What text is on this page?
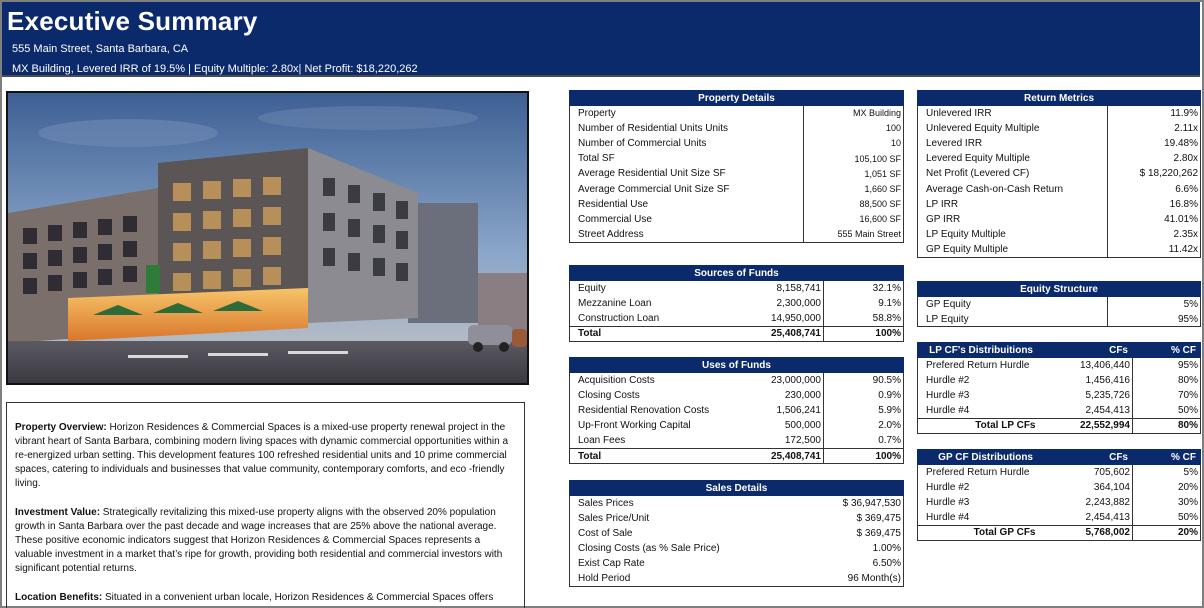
Executive Summary
555 Main Street, Santa Barbara, CA
MX Building, Levered IRR of 19.5% | Equity Multiple: 2.80x| Net Profit: $18,220,262

Property Overview: Horizon Residences & Commercial Spaces is a mixed-use property renewal project in the vibrant heart of Santa Barbara, combining modern living spaces with dynamic commercial opportunities within a re-energized urban setting. This development features 100 refreshed residential units and 10 prime commercial spaces, catering to individuals and businesses that value community, contemporary comforts, and eco -friendly living.

Investment Value: Strategically revitalizing this mixed-use property aligns with the observed 20% population growth in Santa Barbara over the past decade and wage increases that are 25% above the national average. These positive economic indicators suggest that Horizon Residences & Commercial Spaces represents a valuable investment in a market that’s ripe for growth, providing both residential and commercial investors with significant potential returns.

Location Benefits: Situated in a convenient urban locale, Horizon Residences & Commercial Spaces offers

Property Details	
Property	MX Building
Number of Residential Units Units	100
Number of Commercial Units	10
Total SF	105,100 SF
Average Residential Unit Size SF	1,051 SF
Average Commercial Unit Size SF	1,660 SF
Residential Use	88,500 SF
Commercial Use	16,600 SF
Street Address	555 Main Street
Sources of Funds		
Equity	8,158,741	32.1%
Mezzanine Loan	2,300,000	9.1%
Construction Loan	14,950,000	58.8%
Total	25,408,741	100%
Uses of Funds		
Acquisition Costs	23,000,000	90.5%
Closing Costs	230,000	0.9%
Residential Renovation Costs	1,506,241	5.9%
Up-Front Working Capital	500,000	2.0%
Loan Fees	172,500	0.7%
Total	25,408,741	100%
Sales Details	
Sales Prices	$ 36,947,530
Sales Price/Unit	$ 369,475
Cost of Sale	$ 369,475
Closing Costs (as % Sale Price)	1.00%
Exist Cap Rate	6.50%
Hold Period	96 Month(s)
Return Metrics	
Unlevered IRR	11.9%
Unlevered Equity Multiple	2.11x
Levered IRR	19.48%
Levered Equity Multiple	2.80x
Net Profit (Levered CF)	$ 18,220,262
Average Cash-on-Cash Return	6.6%
LP IRR	16.8%
GP IRR	41.01%
LP Equity Multiple	2.35x
GP Equity Multiple	11.42x
Equity Structure	
GP Equity	5%
LP Equity	95%
LP CF's Distribuitions	CFs	% CF
Prefered Return Hurdle	13,406,440	95%
Hurdle #2	1,456,416	80%
Hurdle #3	5,235,726	70%
Hurdle #4	2,454,413	50%
Total LP CFs	22,552,994	80%
GP CF Distributions	CFs	% CF
Prefered Return Hurdle	705,602	5%
Hurdle #2	364,104	20%
Hurdle #3	2,243,882	30%
Hurdle #4	2,454,413	50%
Total GP CFs	5,768,002	20%
